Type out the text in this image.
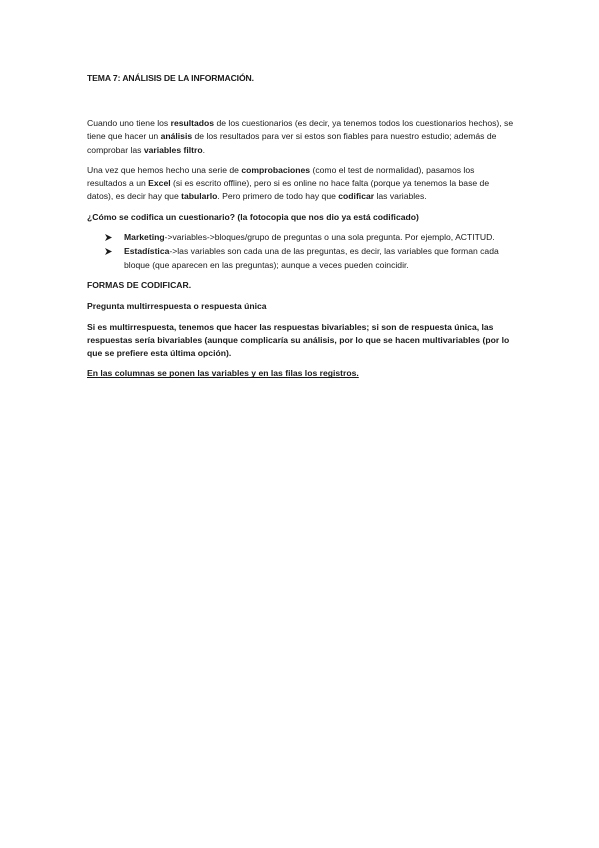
TEMA 7: ANÁLISIS DE LA INFORMACIÓN.

Cuando uno tiene los resultados de los cuestionarios (es decir, ya tenemos todos los cuestionarios hechos), se tiene que hacer un análisis de los resultados para ver si estos son fiables para nuestro estudio; además de comprobar las variables filtro.

Una vez que hemos hecho una serie de comprobaciones (como el test de normalidad), pasamos los resultados a un Excel (si es escrito offline), pero si es online no hace falta (porque ya tenemos la base de datos), es decir hay que tabularlo. Pero primero de todo hay que codificar las variables.

¿Cómo se codifica un cuestionario? (la fotocopia que nos dio ya está codificado)

Marketing->variables->bloques/grupo de preguntas o una sola pregunta. Por ejemplo, ACTITUD.
Estadística->las variables son cada una de las preguntas, es decir, las variables que forman cada bloque (que aparecen en las preguntas); aunque a veces pueden coincidir.

FORMAS DE CODIFICAR.

Pregunta multirrespuesta o respuesta única

Si es multirrespuesta, tenemos que hacer las respuestas bivariables; si son de respuesta única, las respuestas sería bivariables (aunque complicaría su análisis, por lo que se hacen multivariables (por lo que se prefiere esta última opción).

En las columnas se ponen las variables y en las filas los registros.
